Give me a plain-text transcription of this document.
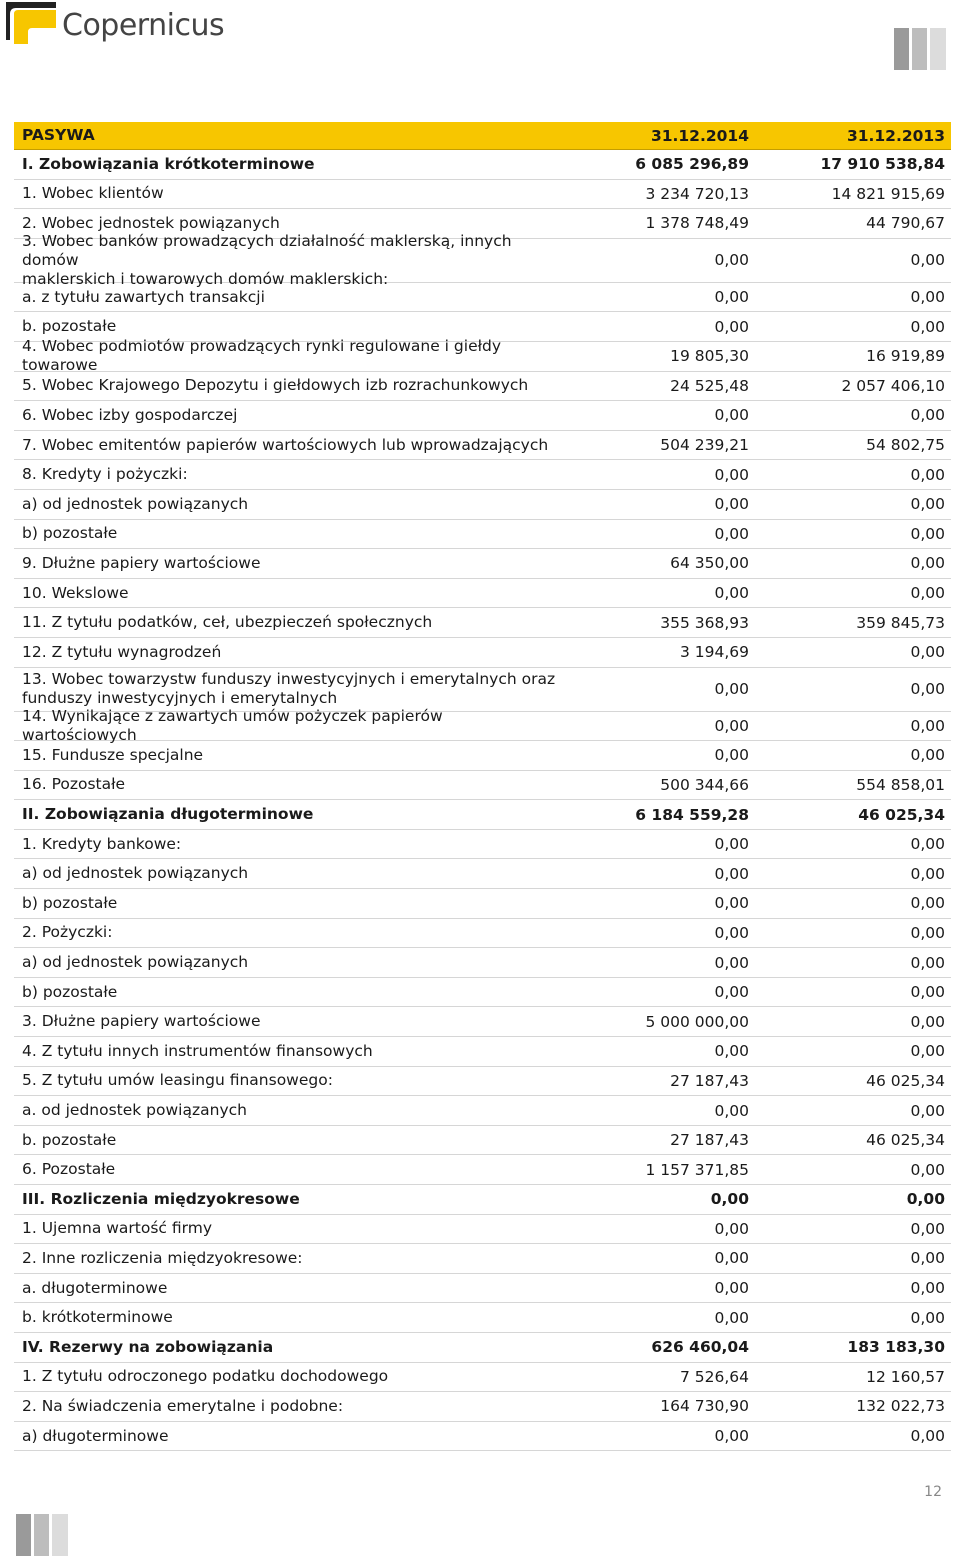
Copernicus
PASYWA	31.12.2014	31.12.2013
I. Zobowiązania krótkoterminowe	6 085 296,89	17 910 538,84
1. Wobec klientów	3 234 720,13	14 821 915,69
2. Wobec jednostek powiązanych	1 378 748,49	44 790,67
3. Wobec banków prowadzących działalność maklerską, innych domów
maklerskich i towarowych domów maklerskich:
0,00	0,00
a. z tytułu zawartych transakcji	0,00	0,00
b. pozostałe	0,00	0,00
4. Wobec podmiotów prowadzących rynki regulowane i giełdy towarowe	19 805,30	16 919,89
5. Wobec Krajowego Depozytu i giełdowych izb rozrachunkowych	24 525,48	2 057 406,10
6. Wobec izby gospodarczej	0,00	0,00
7. Wobec emitentów papierów wartościowych lub wprowadzających	504 239,21	54 802,75
8. Kredyty i pożyczki:	0,00	0,00
a) od jednostek powiązanych	0,00	0,00
b) pozostałe	0,00	0,00
9. Dłużne papiery wartościowe	64 350,00	0,00
10. Wekslowe	0,00	0,00
11. Z tytułu podatków, ceł, ubezpieczeń społecznych	355 368,93	359 845,73
12. Z tytułu wynagrodzeń	3 194,69	0,00
13. Wobec towarzystw funduszy inwestycyjnych i emerytalnych oraz
funduszy inwestycyjnych i emerytalnych	0,00	0,00
14. Wynikające z zawartych umów pożyczek papierów wartościowych	0,00	0,00
15. Fundusze specjalne	0,00	0,00
16. Pozostałe	500 344,66	554 858,01
II. Zobowiązania długoterminowe	6 184 559,28	46 025,34
1. Kredyty bankowe:	0,00	0,00
a) od jednostek powiązanych	0,00	0,00
b) pozostałe	0,00	0,00
2. Pożyczki:	0,00	0,00
a) od jednostek powiązanych	0,00	0,00
b) pozostałe	0,00	0,00
3. Dłużne papiery wartościowe	5 000 000,00	0,00
4. Z tytułu innych instrumentów finansowych	0,00	0,00
5. Z tytułu umów leasingu finansowego:	27 187,43	46 025,34
a. od jednostek powiązanych	0,00	0,00
b. pozostałe	27 187,43	46 025,34
6. Pozostałe	1 157 371,85	0,00
III. Rozliczenia międzyokresowe	0,00	0,00
1. Ujemna wartość firmy	0,00	0,00
2. Inne rozliczenia międzyokresowe:	0,00	0,00
a. długoterminowe	0,00	0,00
b. krótkoterminowe	0,00	0,00
IV. Rezerwy na zobowiązania	626 460,04	183 183,30
1. Z tytułu odroczonego podatku dochodowego	7 526,64	12 160,57
2. Na świadczenia emerytalne i podobne:	164 730,90	132 022,73
a) długoterminowe	0,00	0,00
12
